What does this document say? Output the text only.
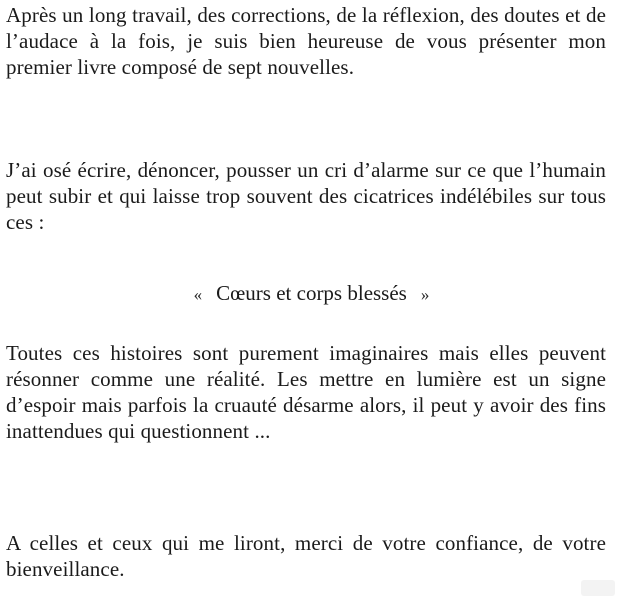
Après un long travail, des corrections, de la réflexion, des doutes et de l’audace à la fois, je suis bien heureuse de vous présenter mon premier livre composé de sept nouvelles.

J’ai osé écrire, dénoncer, pousser un cri d’alarme sur ce que l’humain peut subir et qui laisse trop souvent des cicatrices indélébiles sur tous ces :

« Cœurs et corps blessés »

Toutes ces histoires sont purement imaginaires mais elles peuvent résonner comme une réalité. Les mettre en lumière est un signe d’espoir mais parfois la cruauté désarme alors, il peut y avoir des fins inattendues qui questionnent ...

A celles et ceux qui me liront, merci de votre confiance, de votre bienveillance.
